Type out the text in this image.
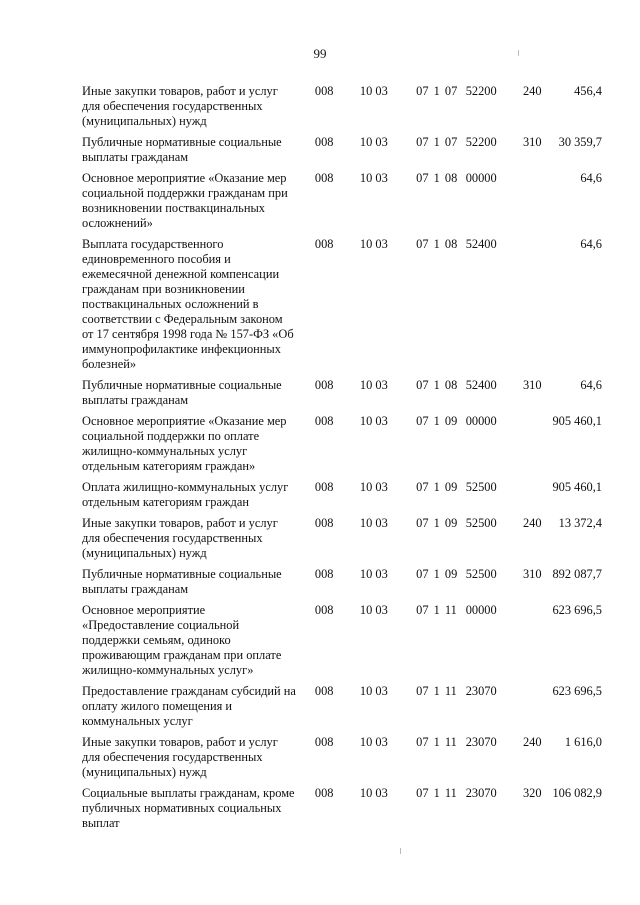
99
Иные закупки товаров, работ и услуг для обеспечения государственных (муниципальных) нужд	008	10 03	07 1 07	52200	240	456,4
Публичные нормативные социальные выплаты гражданам	008	10 03	07 1 07	52200	310	30 359,7
Основное мероприятие «Оказание мер социальной поддержки гражданам при возникновении поствакцинальных осложнений»	008	10 03	07 1 08	00000		64,6
Выплата государственного единовременного пособия и ежемесячной денежной компенсации гражданам при возникновении поствакцинальных осложнений в соответствии с Федеральным законом от 17 сентября 1998 года № 157-ФЗ «Об иммунопрофилактике инфекционных болезней»	008	10 03	07 1 08	52400		64,6
Публичные нормативные социальные выплаты гражданам	008	10 03	07 1 08	52400	310	64,6
Основное мероприятие «Оказание мер социальной поддержки по оплате жилищно-коммунальных услуг отдельным категориям граждан»	008	10 03	07 1 09	00000		905 460,1
Оплата жилищно-коммунальных услуг отдельным категориям граждан	008	10 03	07 1 09	52500		905 460,1
Иные закупки товаров, работ и услуг для обеспечения государственных (муниципальных) нужд	008	10 03	07 1 09	52500	240	13 372,4
Публичные нормативные социальные выплаты гражданам	008	10 03	07 1 09	52500	310	892 087,7
Основное мероприятие «Предоставление социальной поддержки семьям, одиноко проживающим гражданам при оплате жилищно-коммунальных услуг»	008	10 03	07 1 11	00000		623 696,5
Предоставление гражданам субсидий на оплату жилого помещения и коммунальных услуг	008	10 03	07 1 11	23070		623 696,5
Иные закупки товаров, работ и услуг для обеспечения государственных (муниципальных) нужд	008	10 03	07 1 11	23070	240	1 616,0
Социальные выплаты гражданам, кроме публичных нормативных социальных выплат	008	10 03	07 1 11	23070	320	106 082,9
